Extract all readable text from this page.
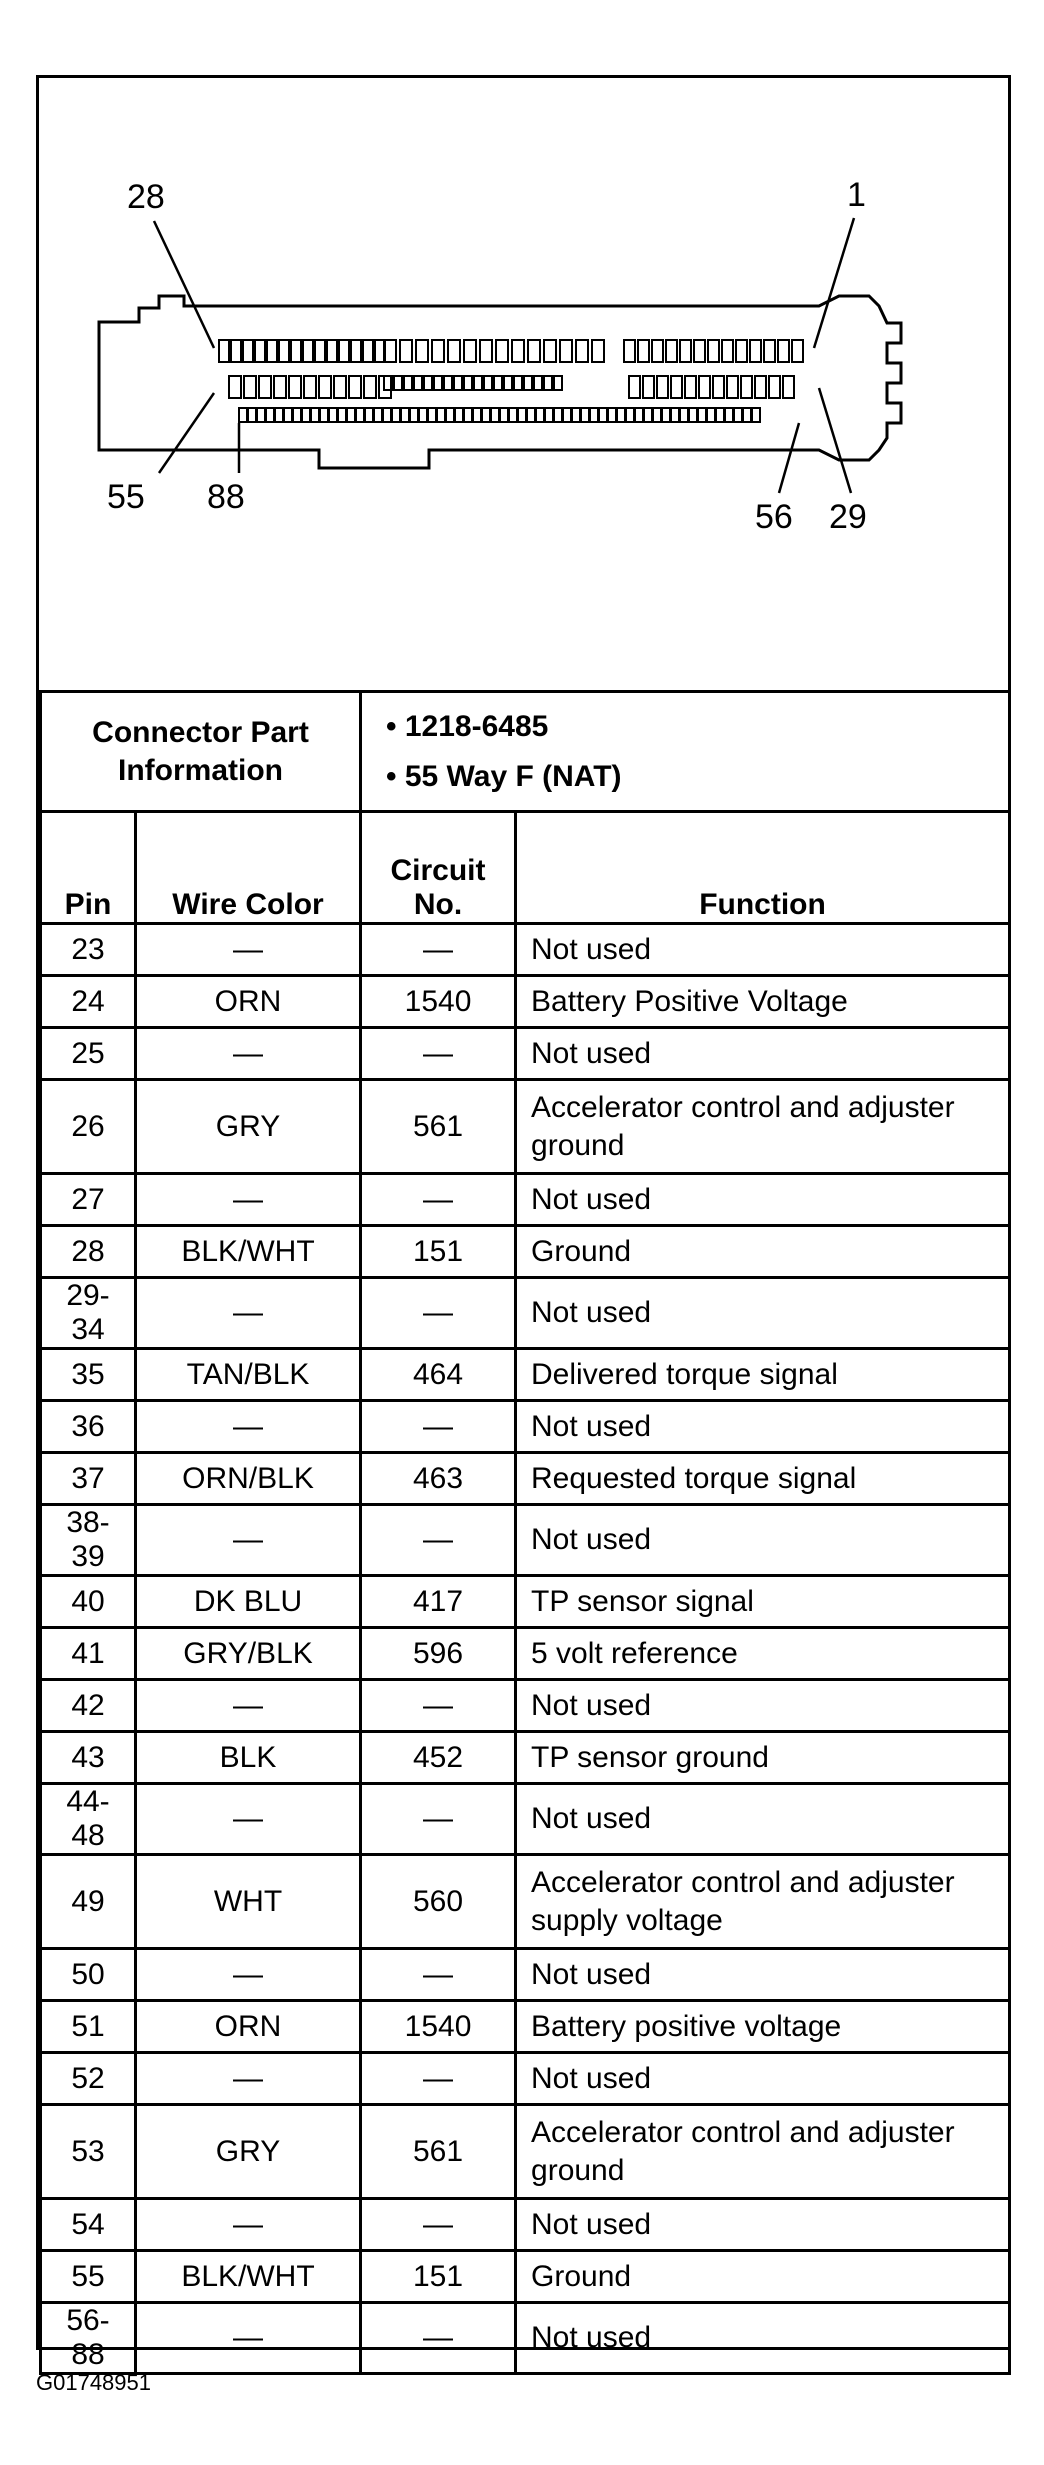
28	1
55 88
56 29
Connector Part Information		• 1218-6485
• 55 Way F (NAT)	

Pin	Wire Color	Circuit No.	Function
23	—	—	Not used
24	ORN	1540	Battery Positive Voltage
25	—	—	Not used
26	GRY	561	Accelerator control and adjuster ground
27	—	—	Not used
28	BLK/WHT	151	Ground
29-34	—	—	Not used
35	TAN/BLK	464	Delivered torque signal
36	—	—	Not used
37	ORN/BLK	463	Requested torque signal
38-39	—	—	Not used
40	DK BLU	417	TP sensor signal
41	GRY/BLK	596	5 volt reference
42	—	—	Not used
43	BLK	452	TP sensor ground
44-48	—	—	Not used
49	WHT	560	Accelerator control and adjuster supply voltage
50	—	—	Not used
51	ORN	1540	Battery positive voltage
52	—	—	Not used
53	GRY	561	Accelerator control and adjuster ground
54	—	—	Not used
55	BLK/WHT	151	Ground
56-88	—	—	Not used
G01748951
